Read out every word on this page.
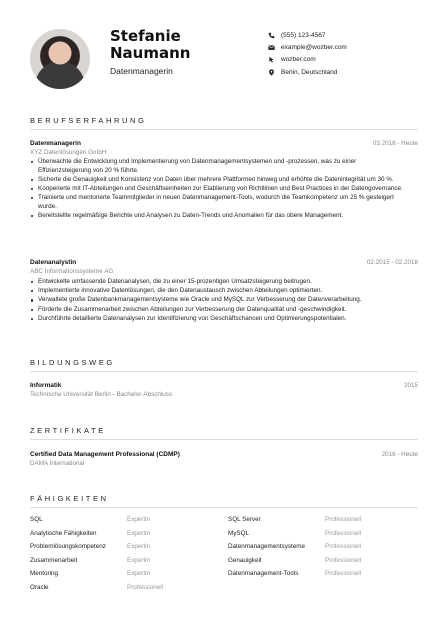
Stefanie
Naumann
Datenmanagerin
(555) 123-4567
example@wozber.com
wozber.com
Berlin, Deutschland
BERUFSERFAHRUNG
Datenmanagerin	03.2018 - Heute
XYZ Datenlösungen GmbH
Überwachte die Entwicklung und Implementierung von Datenmanagementsystemen und -prozessen, was zu einer Effizienzsteigerung von 20 % führte.
Sicherte die Genauigkeit und Konsistenz von Daten über mehrere Plattformen hinweg und erhöhte die Datenintegrität um 30 %.
Kooperierte mit IT-Abteilungen und Geschäftseinheiten zur Etablierung von Richtlinien und Best Practices in der Datengovernance.
Trainierte und mentorierte Teammitglieder in neuen Datenmanagement-Tools, wodurch die Teamkompetenz um 25 % gesteigert wurde.
Bereitstellte regelmäßige Berichte und Analysen zu Daten-Trends und Anomalien für das obere Management.
Datenanalystin	02.2015 - 02.2018
ABC Informationssysteme AG
Entwickelte umfassende Datenanalysen, die zu einer 15-prozentigen Umsatzsteigerung beitrugen.
Implementierte innovative Datenlösungen, die den Datenaustausch zwischen Abteilungen optimierten.
Verwaltete große Datenbankmanagementsysteme wie Oracle und MySQL zur Verbesserung der Datenverarbeitung.
Förderte die Zusammenarbeit zwischen Abteilungen zur Verbesserung der Datenqualität und -geschwindigkeit.
Durchführte detaillierte Datenanalysen zur Identifizierung von Geschäftschancen und Optimierungspotentialen.
BILDUNGSWEG
Informatik	2015
Technische Universität Berlin - Bachelor-Abschluss
ZERTIFIKATE
Certified Data Management Professional (CDMP)	2016 - Heute
DAMA International
FÄHIGKEITEN
SQL	Expertin	SQL Server	Professionell
Analytische Fähigkeiten	Expertin	MySQL	Professionell
Problemlösungskompetenz	Expertin	Datenmanagementsysteme	Professionell
Zusammenarbeit	Expertin	Genauigkeit	Professionell
Mentoring	Expertin	Datenmanagement-Tools	Professionell
Oracle	Professionell
